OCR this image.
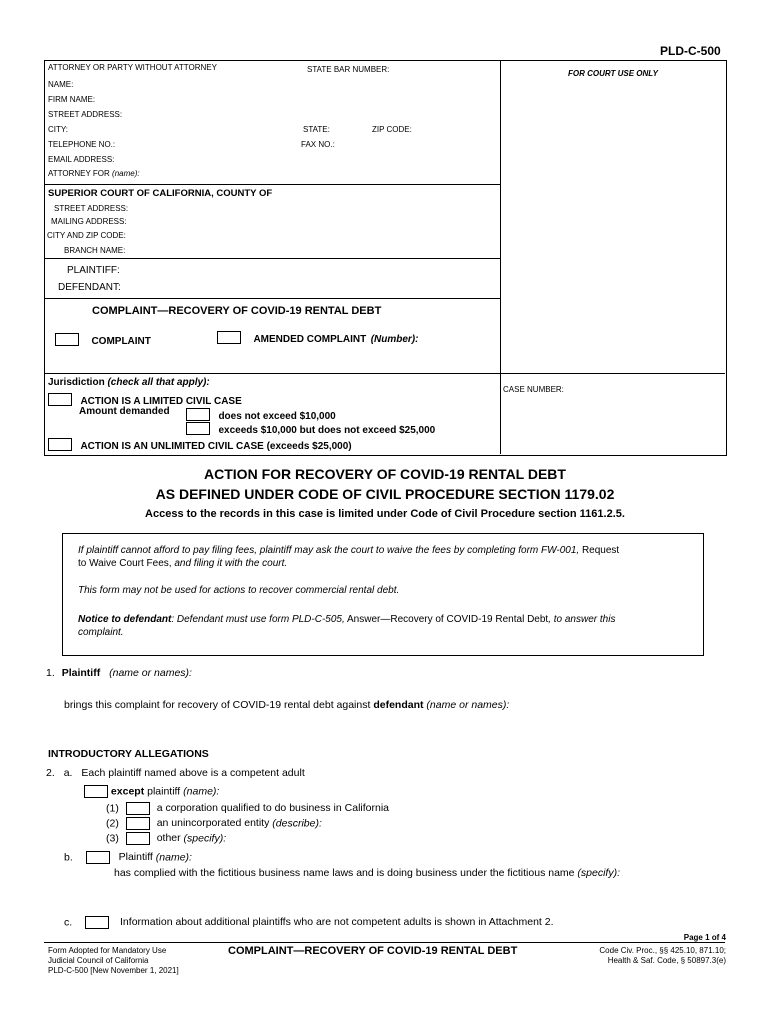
PLD-C-500
ATTORNEY OR PARTY WITHOUT ATTORNEY	STATE BAR NUMBER:	FOR COURT USE ONLY
NAME:
FIRM NAME:
STREET ADDRESS:
CITY:	STATE:	ZIP CODE:
TELEPHONE NO.:	FAX NO.:
EMAIL ADDRESS:
ATTORNEY FOR (name):
SUPERIOR COURT OF CALIFORNIA, COUNTY OF
STREET ADDRESS:
MAILING ADDRESS:
CITY AND ZIP CODE:
BRANCH NAME:
PLAINTIFF:
DEFENDANT:
COMPLAINT—RECOVERY OF COVID-19 RENTAL DEBT
COMPLAINT	AMENDED COMPLAINT (Number):
Jurisdiction (check all that apply):
ACTION IS A LIMITED CIVIL CASE
Amount demanded	does not exceed $10,000
exceeds $10,000 but does not exceed $25,000
ACTION IS AN UNLIMITED CIVIL CASE (exceeds $25,000)
CASE NUMBER:
ACTION FOR RECOVERY OF COVID-19 RENTAL DEBT
AS DEFINED UNDER CODE OF CIVIL PROCEDURE SECTION 1179.02
Access to the records in this case is limited under Code of Civil Procedure section 1161.2.5.
If plaintiff cannot afford to pay filing fees, plaintiff may ask the court to waive the fees by completing form FW-001, Request
to Waive Court Fees, and filing it with the court.
This form may not be used for actions to recover commercial rental debt.
Notice to defendant: Defendant must use form PLD-C-505, Answer—Recovery of COVID-19 Rental Debt, to answer this
complaint.
1. Plaintiff (name or names):
brings this complaint for recovery of COVID-19 rental debt against defendant (name or names):
INTRODUCTORY ALLEGATIONS
2. a. Each plaintiff named above is a competent adult
except plaintiff (name):
(1)	a corporation qualified to do business in California
(2)	an unincorporated entity (describe):
(3)	other (specify):
b.	Plaintiff (name):
has complied with the fictitious business name laws and is doing business under the fictitious name (specify):
c.	Information about additional plaintiffs who are not competent adults is shown in Attachment 2.
Page 1 of 4
Form Adopted for Mandatory Use
Judicial Council of California
PLD-C-500 [New November 1, 2021]
COMPLAINT—RECOVERY OF COVID-19 RENTAL DEBT	Code Civ. Proc., §§ 425.10, 871.10;
Health & Saf. Code, § 50897.3(e)
